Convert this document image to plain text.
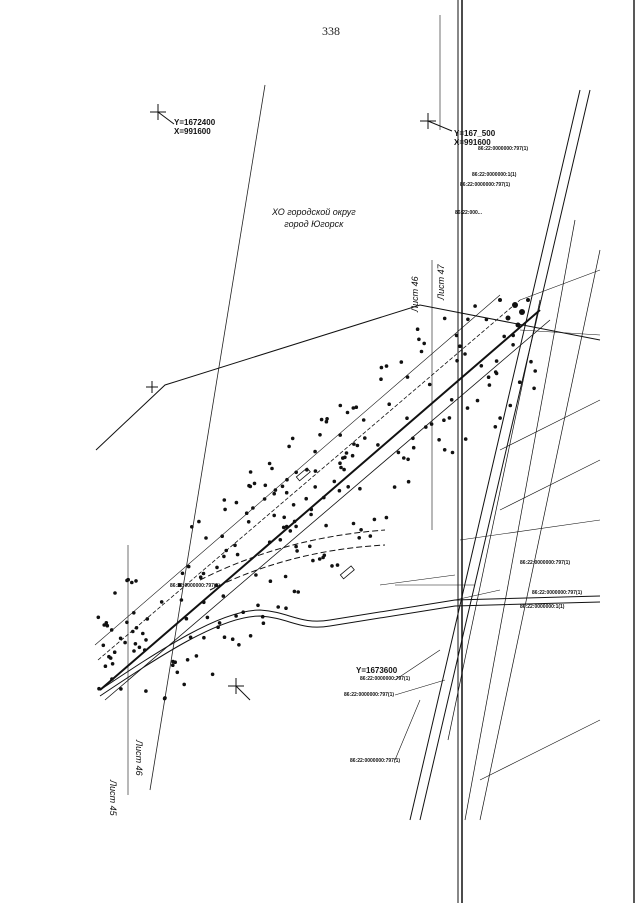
338
Y=1672400
X=991600	Y=167_500
X=991600
Y=1673600
ХО городской округ
город Югорск
Лист 46 Лист 47
Лист 45
Лист 46
86:22:0000000:797(1)
86:22:0000000:1(1)
86:22:000...
86:22:0000000:797(1)
86:22:0000000:797(1)
86:22:0000000:797(1)
86:22:0000000:797(1)
86:22:0000000:797(1)
86:22:0000000:1(1)
86:22:0000000:797(1)
86:22:0000000:797(1)
